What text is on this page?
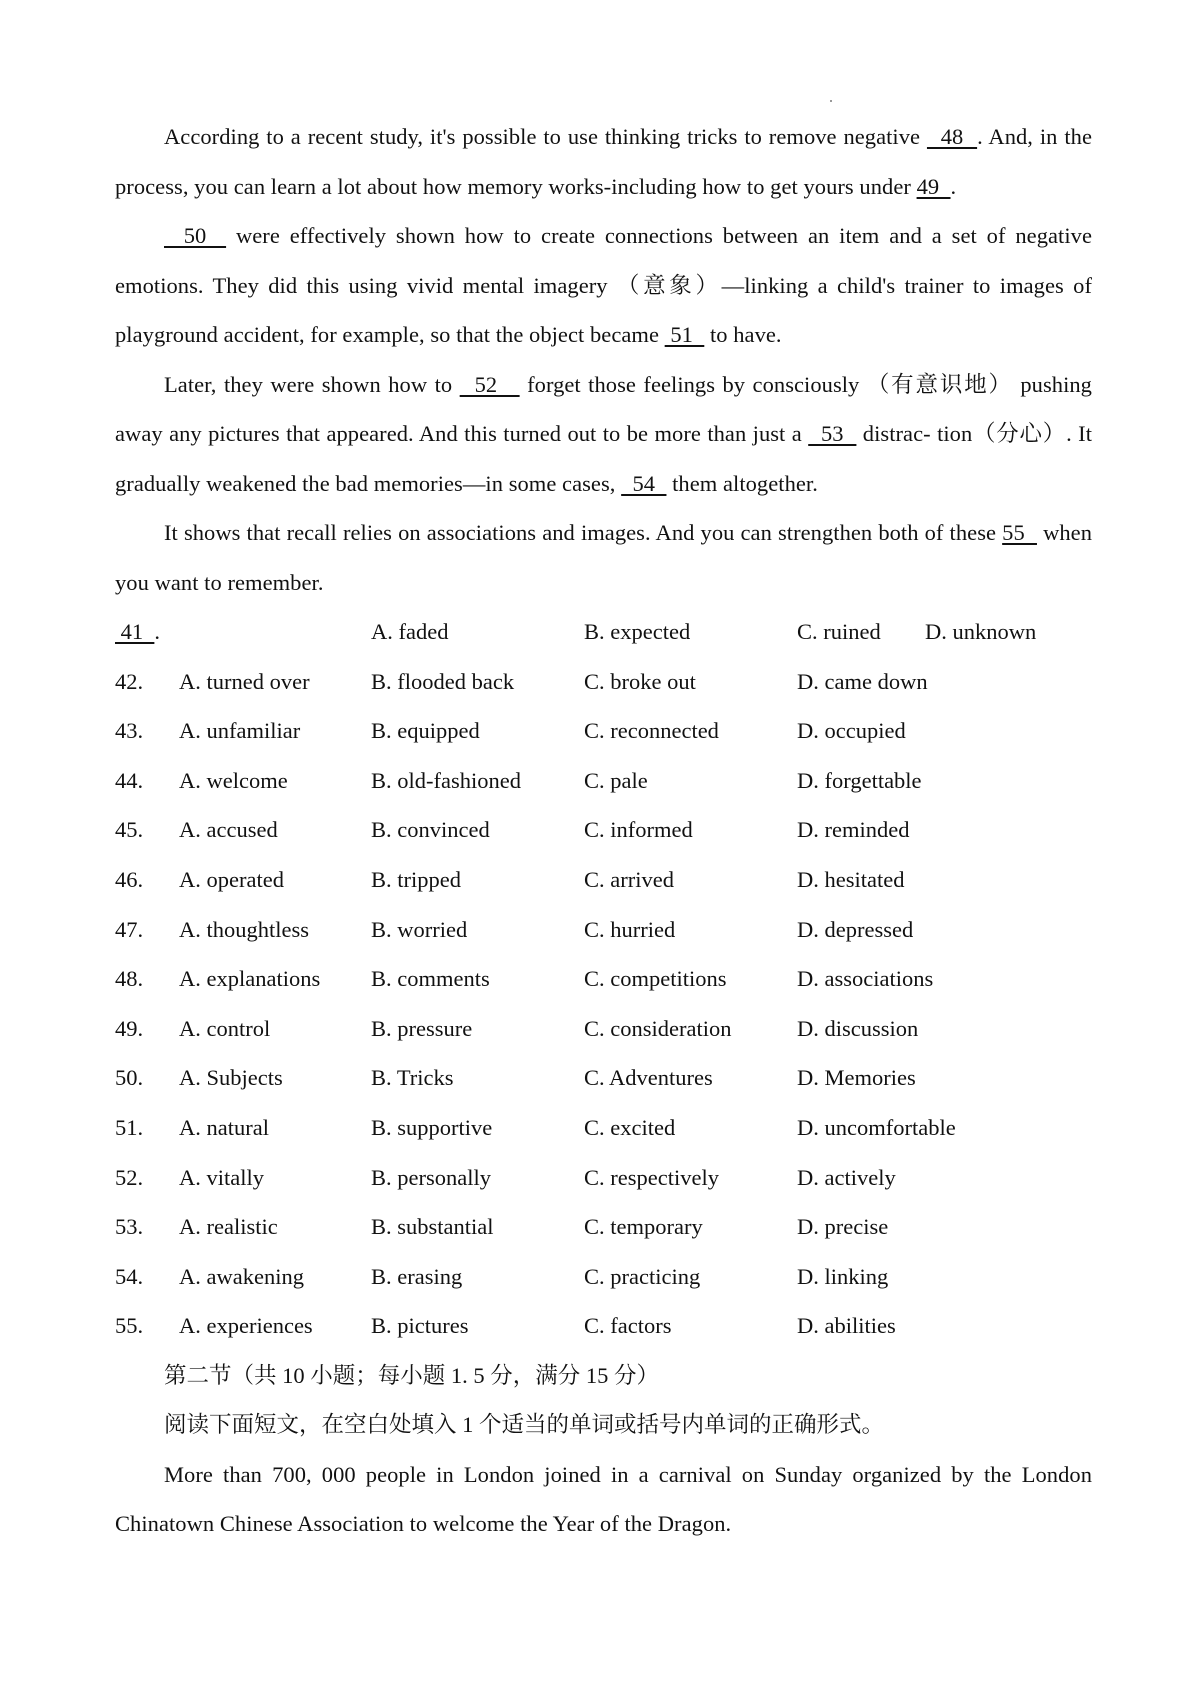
According to a recent study, it's possible to use thinking tricks to remove negative   48  . And, in the process, you can learn a lot about how memory works-including how to get yours under 49  .

50   were effectively shown how to create connections between an item and a set of negative emotions. They did this using vivid mental imagery （意象）—linking a child's trainer to images of playground accident, for example, so that the object became  51   to have.

Later, they were shown how to   52    forget those feelings by consciously （有意识地） pushing away any pictures that appeared. And this turned out to be more than just a   53   distrac- tion（分心）. It gradually weakened the bad memories—in some cases,   54   them altogether.

It shows that recall relies on associations and images. And you can strengthen both of these 55   when you want to remember.

41  .	A. faded	B. expected	C. ruined	D. unknown
42.	A. turned over	B. flooded back	C. broke out	D. came down
43.	A. unfamiliar	B. equipped	C. reconnected	D. occupied
44.	A. welcome	B. old-fashioned	C. pale	D. forgettable
45.	A. accused	B. convinced	C. informed	D. reminded
46.	A. operated	B. tripped	C. arrived	D. hesitated
47.	A. thoughtless	B. worried	C. hurried	D. depressed
48.	A. explanations	B. comments	C. competitions	D. associations
49.	A. control	B. pressure	C. consideration	D. discussion
50.	A. Subjects	B. Tricks	C. Adventures	D. Memories
51.	A. natural	B. supportive	C. excited	D. uncomfortable
52.	A. vitally	B. personally	C. respectively	D. actively
53.	A. realistic	B. substantial	C. temporary	D. precise
54.	A. awakening	B. erasing	C. practicing	D. linking
55.	A. experiences	B. pictures	C. factors	D. abilities

第二节（共 10 小题；每小题 1. 5 分，满分 15 分）

阅读下面短文，在空白处填入 1 个适当的单词或括号内单词的正确形式。

More than 700, 000 people in London joined in a carnival on Sunday organized by the London Chinatown Chinese Association to welcome the Year of the Dragon.
